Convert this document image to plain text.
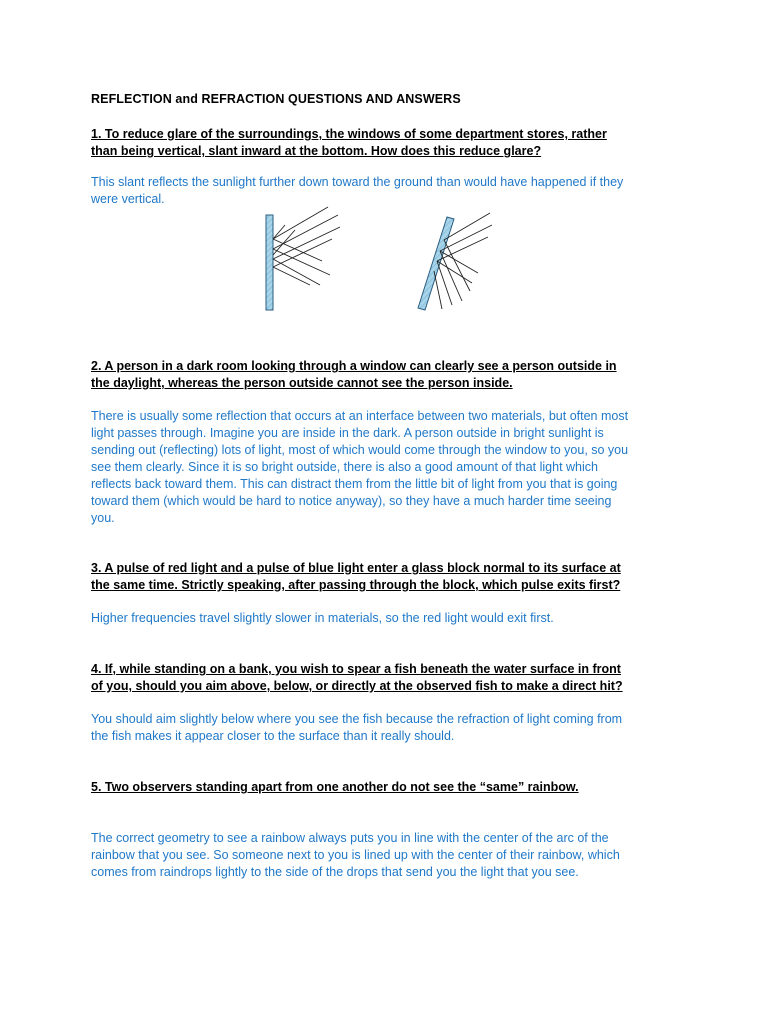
REFLECTION and REFRACTION QUESTIONS AND ANSWERS
1. To reduce glare of the surroundings, the windows of some department stores, rather than being vertical, slant inward at the bottom. How does this reduce glare?
This slant reflects the sunlight further down toward the ground than would have happened if they were vertical.
2. A person in a dark room looking through a window can clearly see a person outside in the daylight, whereas the person outside cannot see the person inside.
There is usually some reflection that occurs at an interface between two materials, but often most light passes through. Imagine you are inside in the dark. A person outside in bright sunlight is sending out (reflecting) lots of light, most of which would come through the window to you, so you see them clearly. Since it is so bright outside, there is also a good amount of that light which reflects back toward them. This can distract them from the little bit of light from you that is going toward them (which would be hard to notice anyway), so they have a much harder time seeing you.
3. A pulse of red light and a pulse of blue light enter a glass block normal to its surface at the same time. Strictly speaking, after passing through the block, which pulse exits first?
Higher frequencies travel slightly slower in materials, so the red light would exit first.
4. If, while standing on a bank, you wish to spear a fish beneath the water surface in front of you, should you aim above, below, or directly at the observed fish to make a direct hit?
You should aim slightly below where you see the fish because the refraction of light coming from the fish makes it appear closer to the surface than it really should.
5. Two observers standing apart from one another do not see the “same” rainbow.
The correct geometry to see a rainbow always puts you in line with the center of the arc of the rainbow that you see. So someone next to you is lined up with the center of their rainbow, which comes from raindrops lightly to the side of the drops that send you the light that you see.
